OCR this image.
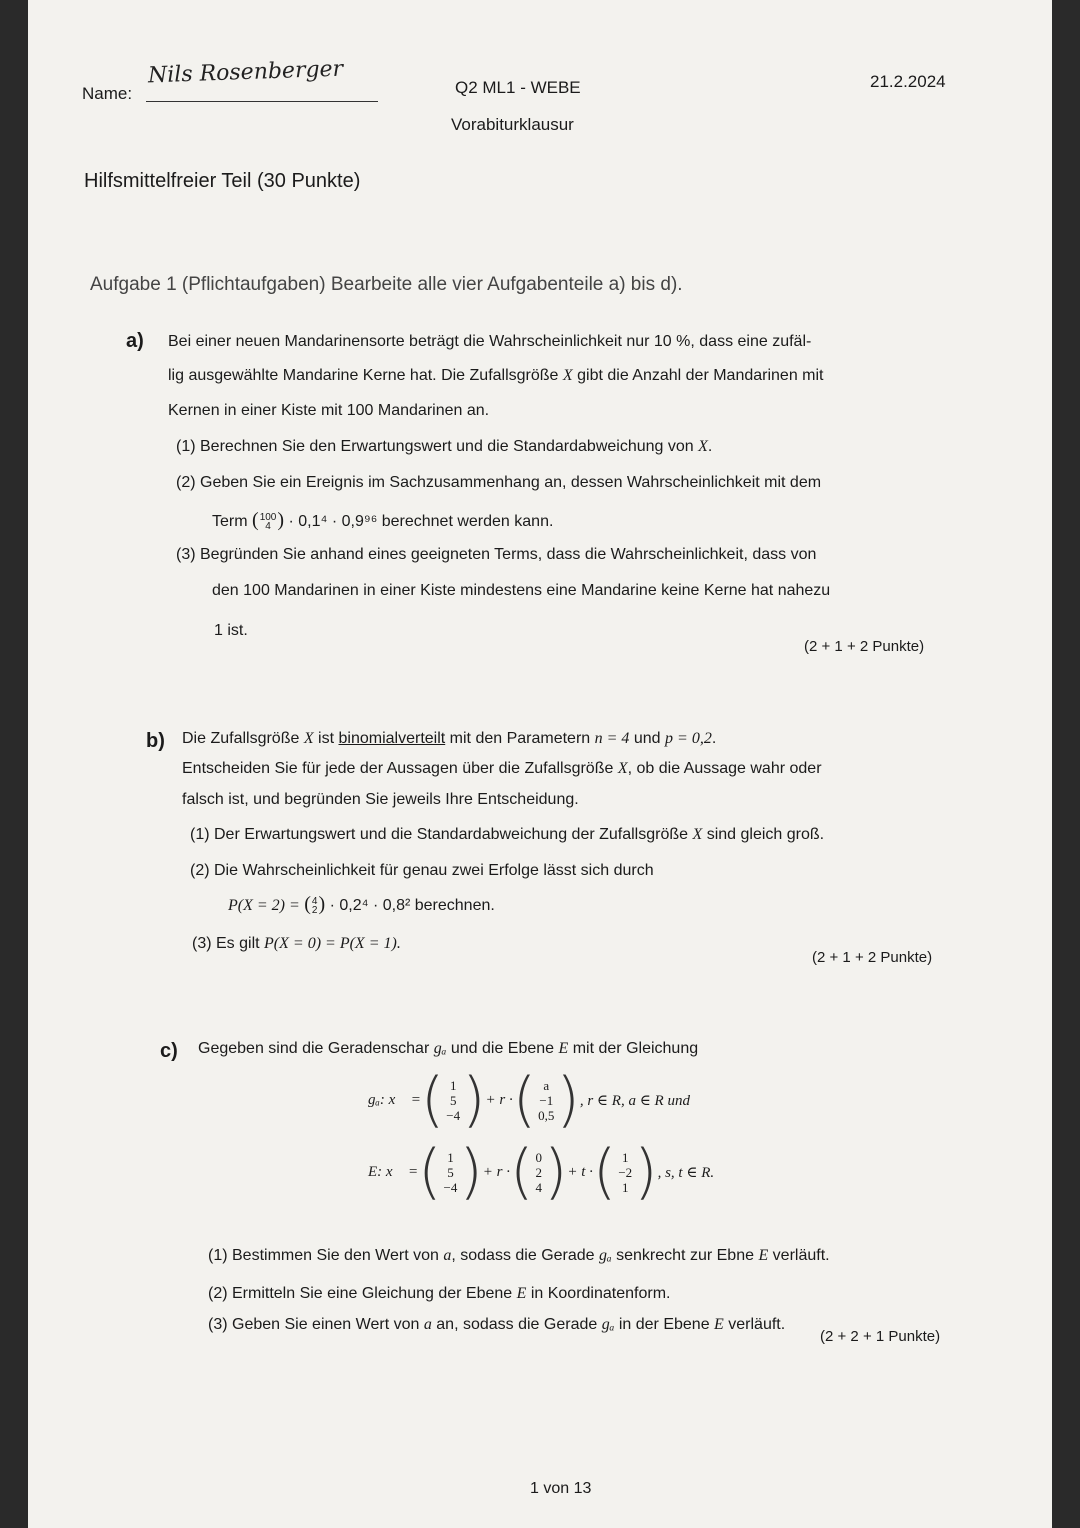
Name:
Nils Rosenberger	Q2 ML1 - WEBE
Vorabiturklausur
21.2.2024
Hilfsmittelfreier Teil (30 Punkte)
Aufgabe 1 (Pflichtaufgaben) Bearbeite alle vier Aufgabenteile a) bis d).
a) Bei einer neuen Mandarinensorte beträgt die Wahrscheinlichkeit nur 10 %, dass eine zufäl-
lig ausgewählte Mandarine Kerne hat. Die Zufallsgröße X gibt die Anzahl der Mandarinen mit
Kernen in einer Kiste mit 100 Mandarinen an.
(1) Berechnen Sie den Erwartungswert und die Standardabweichung von X.
(2) Geben Sie ein Ereignis im Sachzusammenhang an, dessen Wahrscheinlichkeit mit dem
Term (100
4 ) · 0,1⁴ · 0,9⁹⁶ berechnet werden kann.
(3) Begründen Sie anhand eines geeigneten Terms, dass die Wahrscheinlichkeit, dass von
den 100 Mandarinen in einer Kiste mindestens eine Mandarine keine Kerne hat nahezu
1 ist.
(2 + 1 + 2 Punkte)
b) Die Zufallsgröße X ist binomialverteilt mit den Parametern n = 4 und p = 0,2.
Entscheiden Sie für jede der Aussagen über die Zufallsgröße X, ob die Aussage wahr oder
falsch ist, und begründen Sie jeweils Ihre Entscheidung.
(1) Der Erwartungswert und die Standardabweichung der Zufallsgröße X sind gleich groß.
(2) Die Wahrscheinlichkeit für genau zwei Erfolge lässt sich durch
P(X = 2) = (4
2) · 0,2⁴ · 0,8² berechnen.
(3) Es gilt P(X = 0) = P(X = 1).
(2 + 1 + 2 Punkte)
c) Gegeben sind die Geradenschar gₐ und die Ebene E mit der Gleichung
gₐ: x⃗ = ( 1
5
−4 ) + r · ( a
−1
0,5 ) , r ∈ R, a ∈ R und
E: x⃗ = ( 1
5
−4 ) + r · ( 0
2
4 ) + t · ( 1
−2
1 ) , s, t ∈ R.
(1) Bestimmen Sie den Wert von a, sodass die Gerade gₐ senkrecht zur Ebne E verläuft.
(2) Ermitteln Sie eine Gleichung der Ebene E in Koordinatenform.
(3) Geben Sie einen Wert von a an, sodass die Gerade gₐ in der Ebene E verläuft.
(2 + 2 + 1 Punkte)
1 von 13
